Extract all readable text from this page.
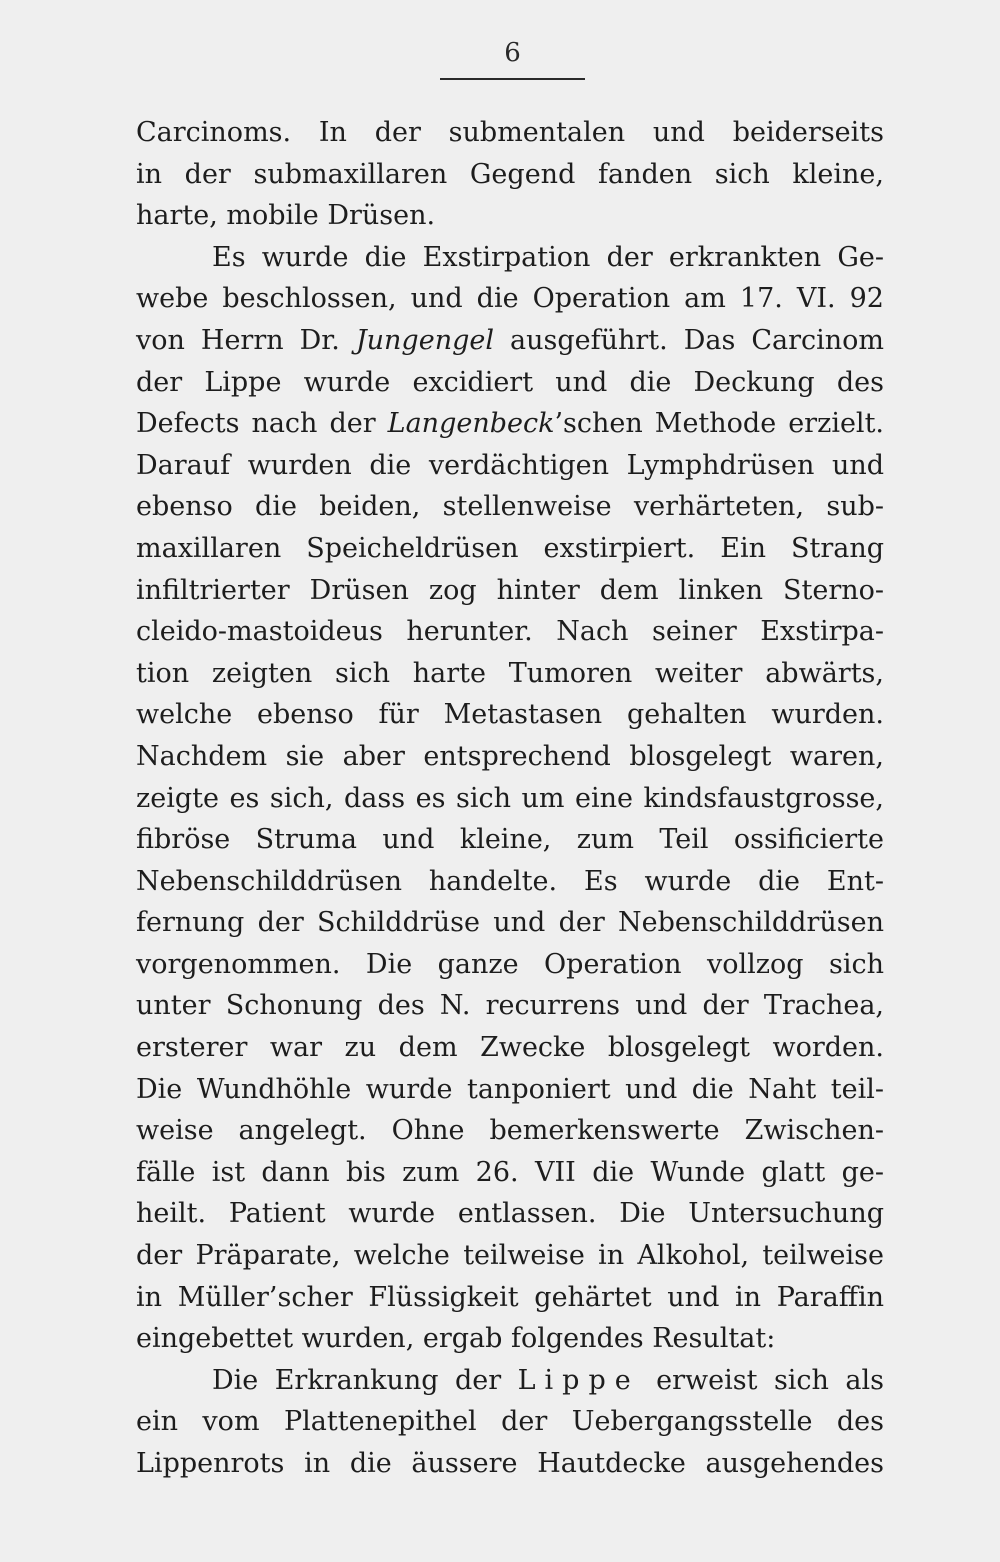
6
Carcinoms. In der submentalen und beiderseits
in der submaxillaren Gegend fanden sich kleine,
harte, mobile Drüsen.
Es wurde die Exstirpation der erkrankten Ge-
webe beschlossen, und die Operation am 17. VI. 92
von Herrn Dr. Jungengel ausgeführt. Das Carcinom
der Lippe wurde excidiert und die Deckung des
Defects nach der Langenbeck’schen Methode erzielt.
Darauf wurden die verdächtigen Lymphdrüsen und
ebenso die beiden, stellenweise verhärteten, sub-
maxillaren Speicheldrüsen exstirpiert. Ein Strang
infiltrierter Drüsen zog hinter dem linken Sterno-
cleido-mastoideus herunter. Nach seiner Exstirpa-
tion zeigten sich harte Tumoren weiter abwärts,
welche ebenso für Metastasen gehalten wurden.
Nachdem sie aber entsprechend blosgelegt waren,
zeigte es sich, dass es sich um eine kindsfaustgrosse,
fibröse Struma und kleine, zum Teil ossificierte
Nebenschilddrüsen handelte. Es wurde die Ent-
fernung der Schilddrüse und der Nebenschilddrüsen
vorgenommen. Die ganze Operation vollzog sich
unter Schonung des N. recurrens und der Trachea,
ersterer war zu dem Zwecke blosgelegt worden.
Die Wundhöhle wurde tanponiert und die Naht teil-
weise angelegt. Ohne bemerkenswerte Zwischen-
fälle ist dann bis zum 26. VII die Wunde glatt ge-
heilt. Patient wurde entlassen. Die Untersuchung
der Präparate, welche teilweise in Alkohol, teilweise
in Müller’scher Flüssigkeit gehärtet und in Paraffin
eingebettet wurden, ergab folgendes Resultat:
Die Erkrankung der Lippe erweist sich als
ein vom Plattenepithel der Uebergangsstelle des
Lippenrots in die äussere Hautdecke ausgehendes
